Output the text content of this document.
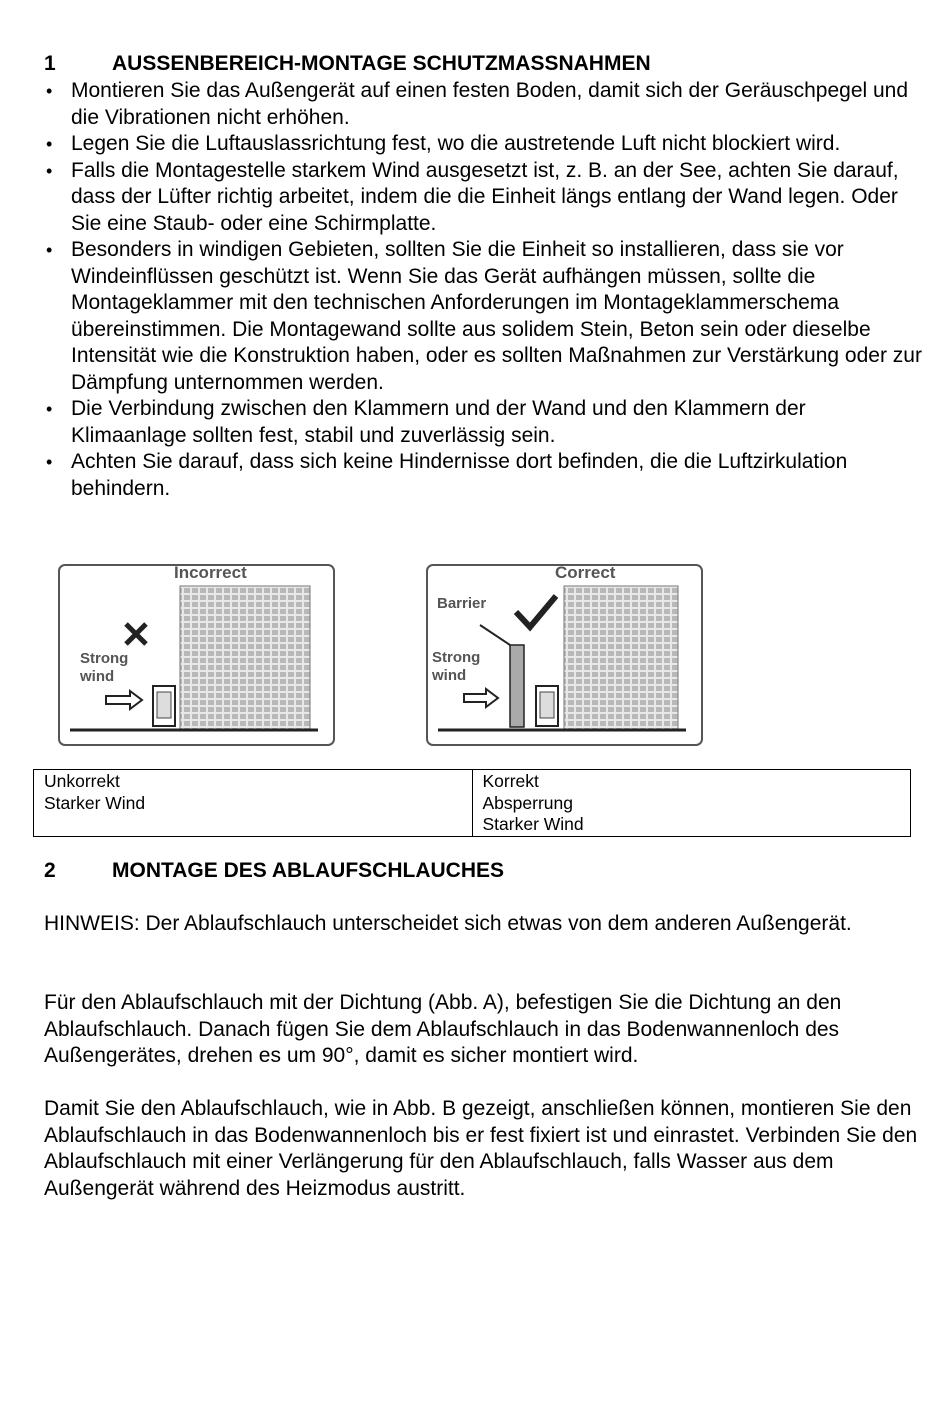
1	AUSSENBEREICH-MONTAGE SCHUTZMASSNAHMEN
• Montieren Sie das Außengerät auf einen festen Boden, damit sich der Geräuschpegel und die Vibrationen nicht erhöhen.
• Legen Sie die Luftauslassrichtung fest, wo die austretende Luft nicht blockiert wird.
• Falls die Montagestelle starkem Wind ausgesetzt ist, z. B. an der See, achten Sie darauf, dass der Lüfter richtig arbeitet, indem die die Einheit längs entlang der Wand legen. Oder Sie eine Staub- oder eine Schirmplatte.
• Besonders in windigen Gebieten, sollten Sie die Einheit so installieren, dass sie vor Windeinflüssen geschützt ist. Wenn Sie das Gerät aufhängen müssen, sollte die Montageklammer mit den technischen Anforderungen im Montageklammerschema übereinstimmen. Die Montagewand sollte aus solidem Stein, Beton sein oder dieselbe Intensität wie die Konstruktion haben, oder es sollten Maßnahmen zur Verstärkung oder zur Dämpfung unternommen werden.
• Die Verbindung zwischen den Klammern und der Wand und den Klammern der Klimaanlage sollten fest, stabil und zuverlässig sein.
• Achten Sie darauf, dass sich keine Hindernisse dort befinden, die die Luftzirkulation behindern.
Incorrect
Strong
wind
Correct
Barrier
Strong
wind
Unkorrekt
Starker Wind

Korrekt
Absperrung
Starker Wind
2	MONTAGE DES ABLAUFSCHLAUCHES

HINWEIS: Der Ablaufschlauch unterscheidet sich etwas von dem anderen Außengerät.

Für den Ablaufschlauch mit der Dichtung (Abb. A), befestigen Sie die Dichtung an den Ablaufschlauch. Danach fügen Sie dem Ablaufschlauch in das Bodenwannenloch des Außengerätes, drehen es um 90°, damit es sicher montiert wird.

Damit Sie den Ablaufschlauch, wie in Abb. B gezeigt, anschließen können, montieren Sie den Ablaufschlauch in das Bodenwannenloch bis er fest fixiert ist und einrastet. Verbinden Sie den Ablaufschlauch mit einer Verlängerung für den Ablaufschlauch, falls Wasser aus dem Außengerät während des Heizmodus austritt.
